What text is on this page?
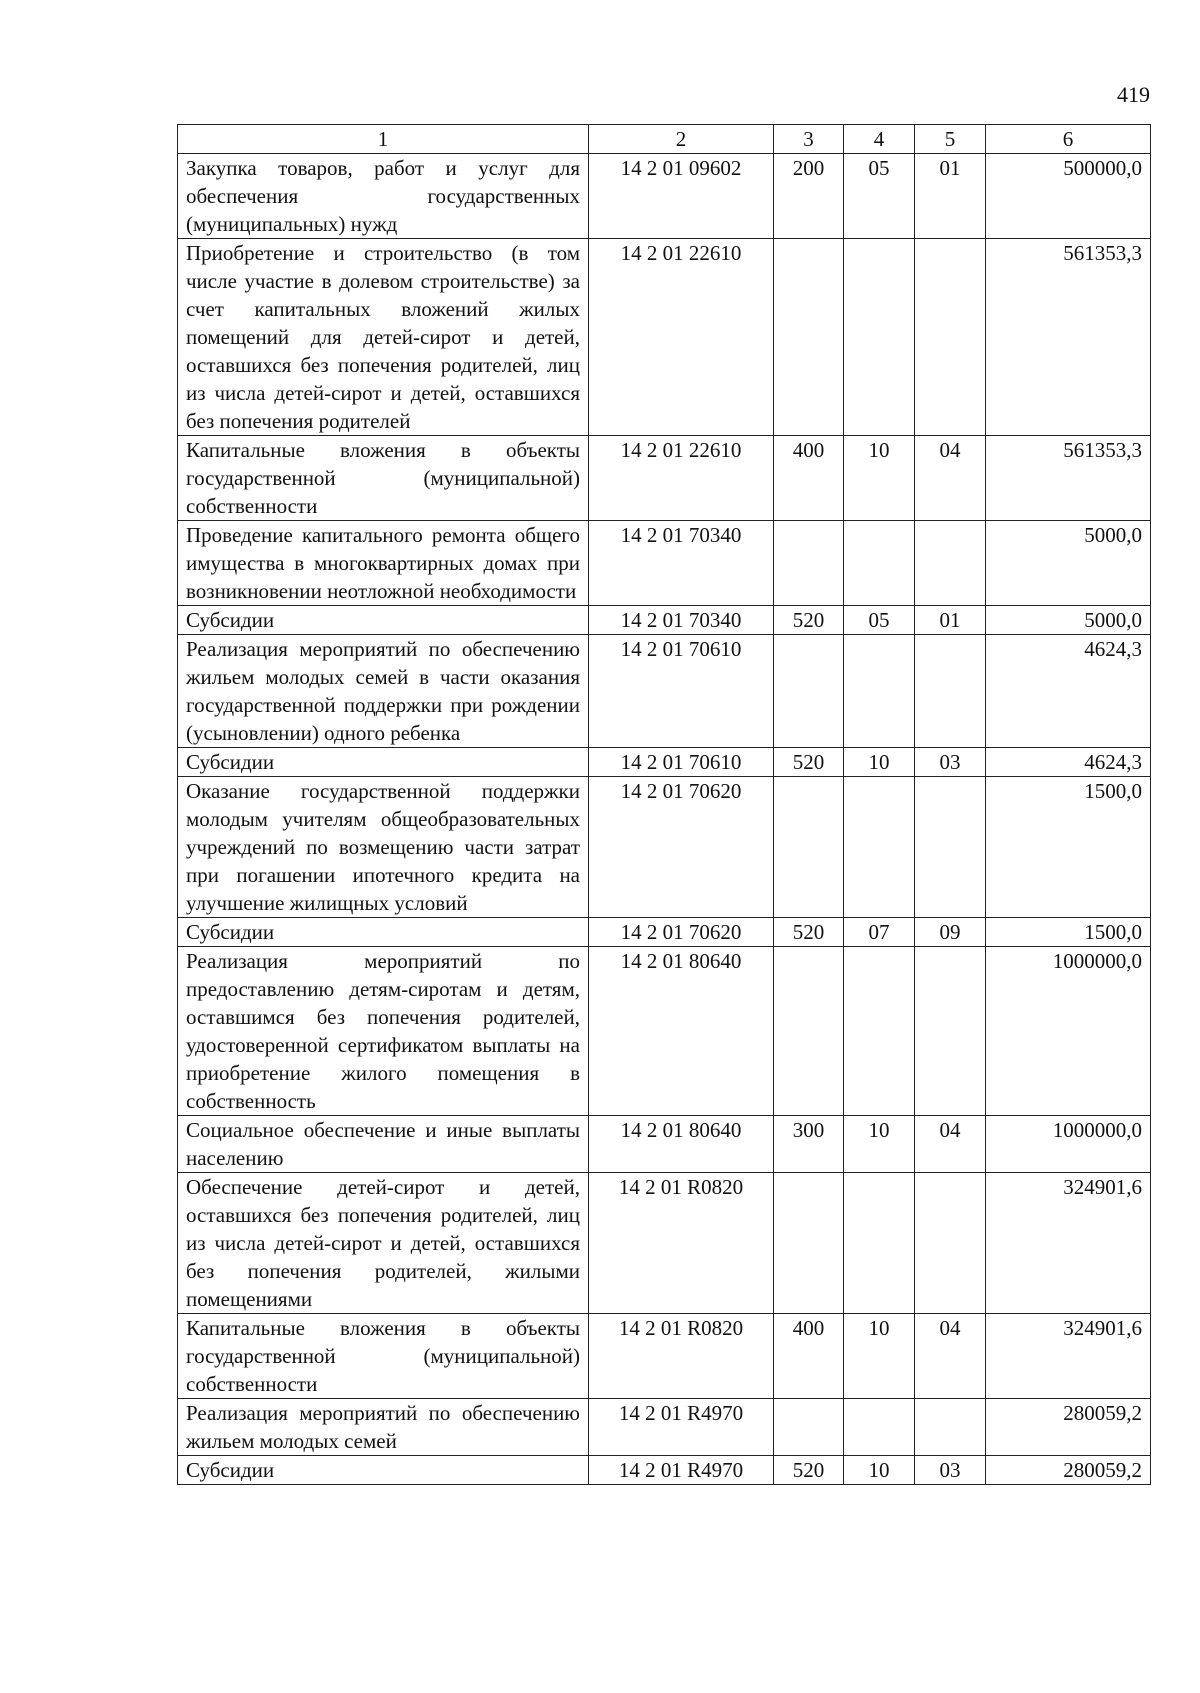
419
1	2	3	4	5	6
Закупка товаров, работ и услуг для обеспечения государственных (муниципальных) нужд	14 2 01 09602	200	05	01	500000,0
Приобретение и строительство (в том числе участие в долевом строительстве) за счет капитальных вложений жилых помещений для детей-сирот и детей, оставшихся без попечения родителей, лиц из числа детей-сирот и детей, оставшихся без попечения родителей	14 2 01 22610				561353,3
Капитальные вложения в объекты государственной (муниципальной) собственности	14 2 01 22610	400	10	04	561353,3
Проведение капитального ремонта общего имущества в многоквартирных домах при возникновении неотложной необходимости	14 2 01 70340				5000,0
Субсидии	14 2 01 70340	520	05	01	5000,0
Реализация мероприятий по обеспечению жильем молодых семей в части оказания государственной поддержки при рождении (усыновлении) одного ребенка	14 2 01 70610				4624,3
Субсидии	14 2 01 70610	520	10	03	4624,3
Оказание государственной поддержки молодым учителям общеобразовательных учреждений по возмещению части затрат при погашении ипотечного кредита на улучшение жилищных условий	14 2 01 70620				1500,0
Субсидии	14 2 01 70620	520	07	09	1500,0
Реализация мероприятий по предоставлению детям-сиротам и детям, оставшимся без попечения родителей, удостоверенной сертификатом выплаты на приобретение жилого помещения в собственность	14 2 01 80640				1000000,0
Социальное обеспечение и иные выплаты населению	14 2 01 80640	300	10	04	1000000,0
Обеспечение детей-сирот и детей, оставшихся без попечения родителей, лиц из числа детей-сирот и детей, оставшихся без попечения родителей, жилыми помещениями	14 2 01 R0820				324901,6
Капитальные вложения в объекты государственной (муниципальной) собственности	14 2 01 R0820	400	10	04	324901,6
Реализация мероприятий по обеспечению жильем молодых семей	14 2 01 R4970				280059,2
Субсидии	14 2 01 R4970	520	10	03	280059,2
